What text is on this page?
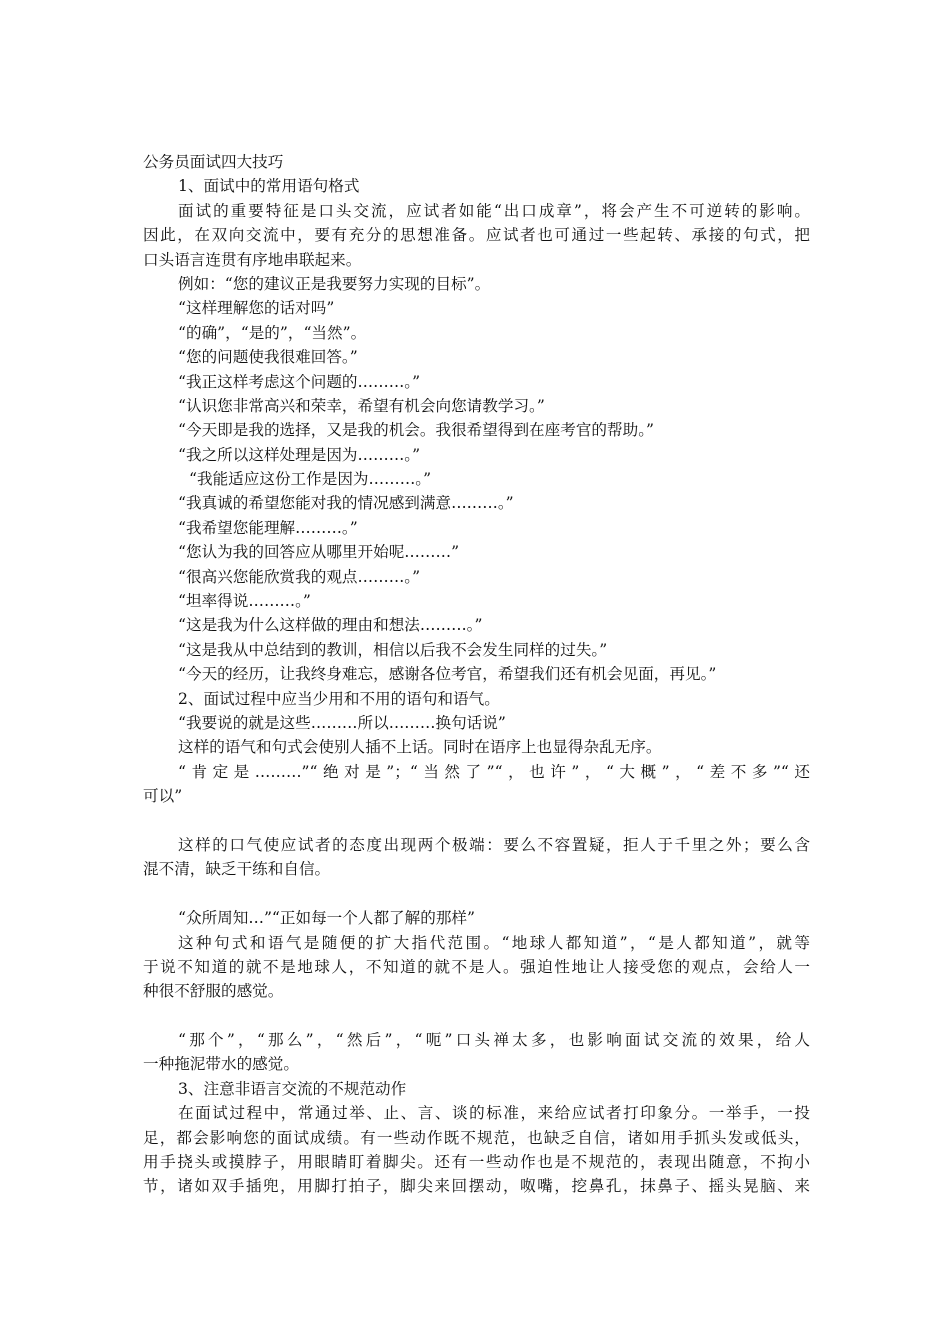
公务员面试四大技巧
1、面试中的常用语句格式
面试的重要特征是口头交流，应试者如能“出口成章”，将会产生不可逆转的影响。
因此，在双向交流中，要有充分的思想准备。应试者也可通过一些起转、承接的句式，把
口头语言连贯有序地串联起来。
例如：“您的建议正是我要努力实现的目标”。
“这样理解您的话对吗”
“的确”，“是的”，“当然”。
“您的问题使我很难回答。”
“我正这样考虑这个问题的………。”
“认识您非常高兴和荣幸，希望有机会向您请教学习。”
“今天即是我的选择，又是我的机会。我很希望得到在座考官的帮助。”
“我之所以这样处理是因为………。”
“我能适应这份工作是因为………。”
“我真诚的希望您能对我的情况感到满意………。”
“我希望您能理解………。”
“您认为我的回答应从哪里开始呢………”
“很高兴您能欣赏我的观点………。”
“坦率得说………。”
“这是我为什么这样做的理由和想法………。”
“这是我从中总结到的教训，相信以后我不会发生同样的过失。”
“今天的经历，让我终身难忘，感谢各位考官，希望我们还有机会见面，再见。”
2、面试过程中应当少用和不用的语句和语气。
“我要说的就是这些………所以………换句话说”
这样的语气和句式会使别人插不上话。同时在语序上也显得杂乱无序。
“肯定是………”“绝对是”；“当然了”“，也许”，“大概”，“差不多”“还
可以”
这样的口气使应试者的态度出现两个极端：要么不容置疑，拒人于千里之外；要么含
混不清，缺乏干练和自信。
“众所周知…”“正如每一个人都了解的那样”
这种句式和语气是随便的扩大指代范围。“地球人都知道”，“是人都知道”，就等
于说不知道的就不是地球人，不知道的就不是人。强迫性地让人接受您的观点，会给人一
种很不舒服的感觉。
“那个”，“那么”，“然后”，“呃”口头禅太多，也影响面试交流的效果，给人
一种拖泥带水的感觉。
3、注意非语言交流的不规范动作
在面试过程中，常通过举、止、言、谈的标准，来给应试者打印象分。一举手，一投
足，都会影响您的面试成绩。有一些动作既不规范，也缺乏自信，诸如用手抓头发或低头，
用手挠头或摸脖子，用眼睛盯着脚尖。还有一些动作也是不规范的，表现出随意，不拘小
节，诸如双手插兜，用脚打拍子，脚尖来回摆动，呶嘴，挖鼻孔，抹鼻子、摇头晃脑、来
